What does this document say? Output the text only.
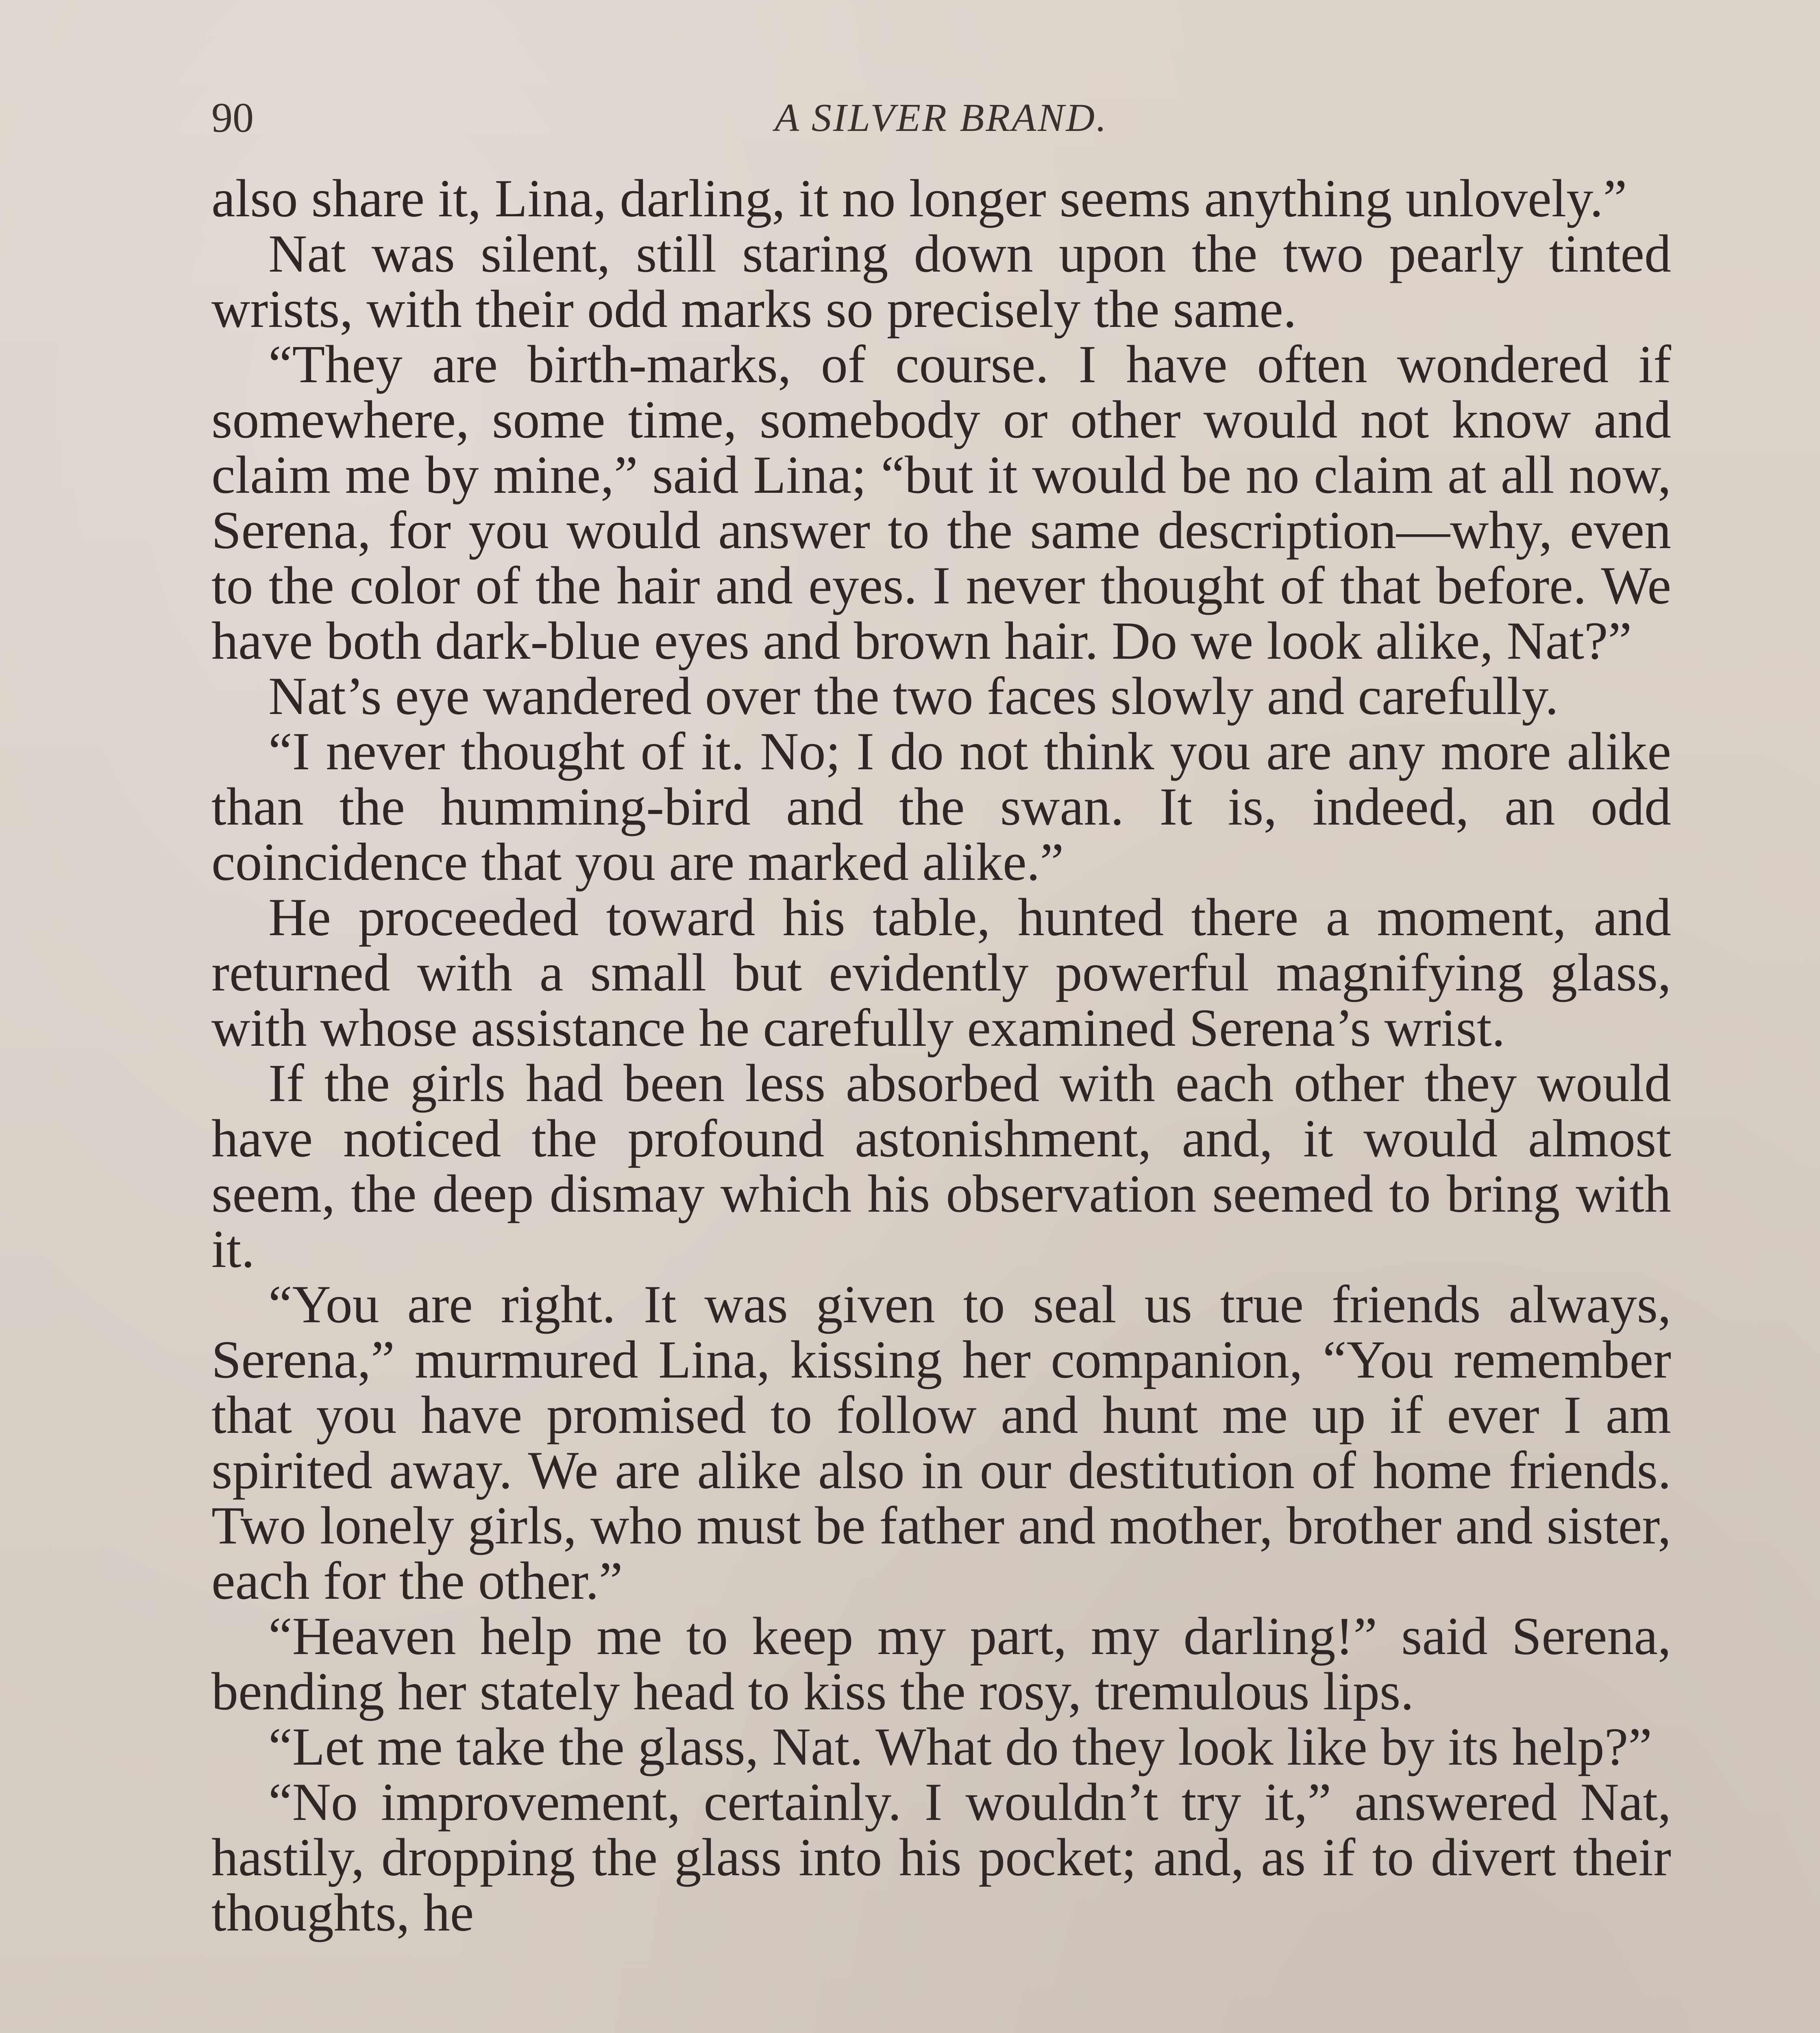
90	A SILVER BRAND.

also share it, Lina, darling, it no longer seems anything unlovely.”

Nat was silent, still staring down upon the two pearly tinted wrists, with their odd marks so precisely the same.

“They are birth-marks, of course. I have often wondered if somewhere, some time, somebody or other would not know and claim me by mine,” said Lina; “but it would be no claim at all now, Serena, for you would answer to the same description—why, even to the color of the hair and eyes. I never thought of that before. We have both dark-blue eyes and brown hair. Do we look alike, Nat?”

Nat’s eye wandered over the two faces slowly and carefully.

“I never thought of it. No; I do not think you are any more alike than the humming-bird and the swan. It is, indeed, an odd coincidence that you are marked alike.”

He proceeded toward his table, hunted there a moment, and returned with a small but evidently powerful magnifying glass, with whose assistance he carefully examined Serena’s wrist.

If the girls had been less absorbed with each other they would have noticed the profound astonishment, and, it would almost seem, the deep dismay which his observation seemed to bring with it.

“You are right. It was given to seal us true friends always, Serena,” murmured Lina, kissing her companion, “You remember that you have promised to follow and hunt me up if ever I am spirited away. We are alike also in our destitution of home friends. Two lonely girls, who must be father and mother, brother and sister, each for the other.”

“Heaven help me to keep my part, my darling!” said Serena, bending her stately head to kiss the rosy, tremulous lips.

“Let me take the glass, Nat. What do they look like by its help?”

“No improvement, certainly. I wouldn’t try it,” answered Nat, hastily, dropping the glass into his pocket; and, as if to divert their thoughts, he
